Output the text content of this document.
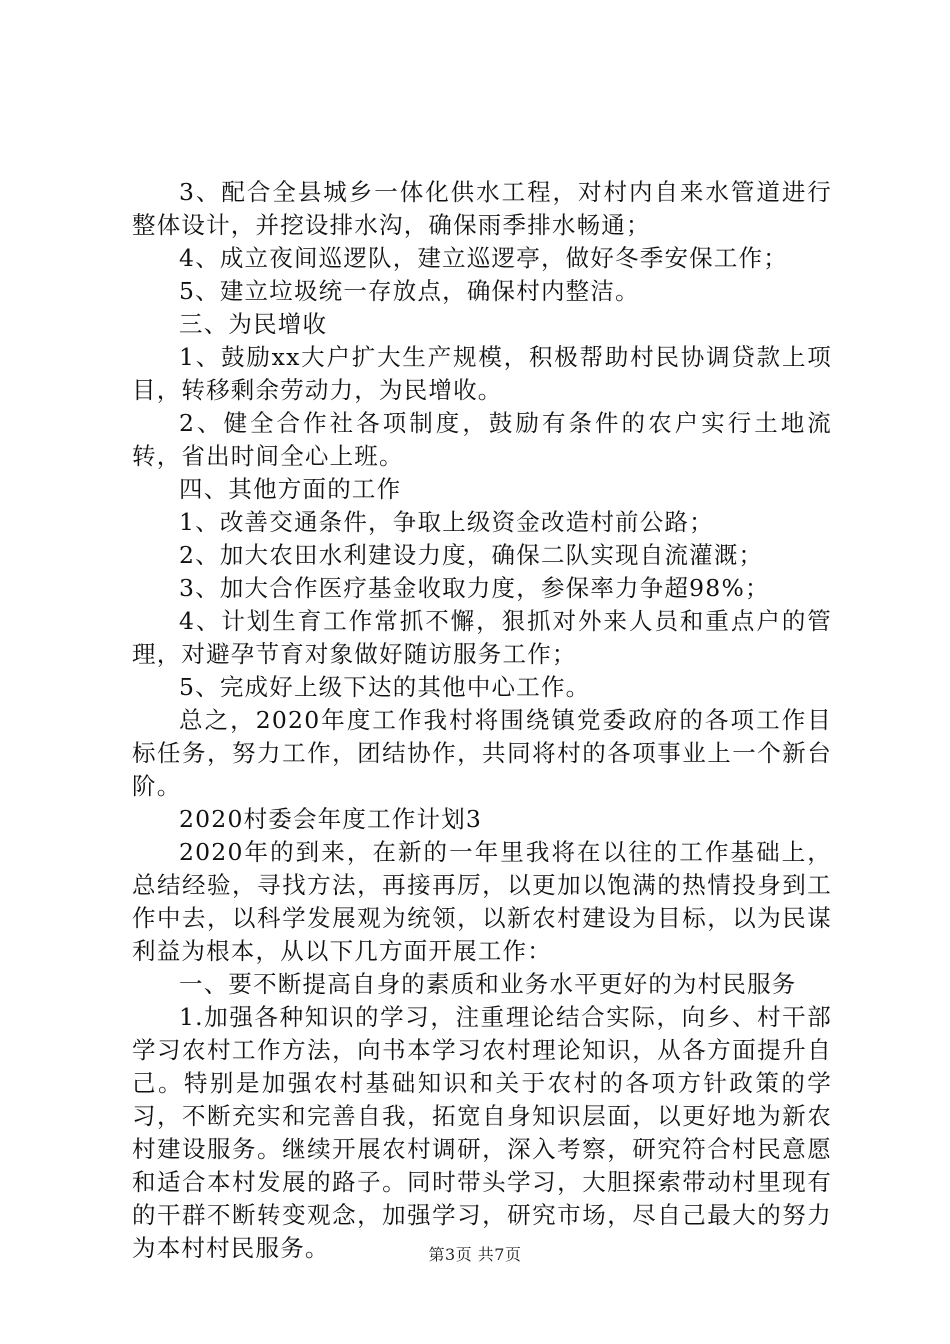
3、配合全县城乡一体化供水工程，对村内自来水管道进行整体设计，并挖设排水沟，确保雨季排水畅通；

4、成立夜间巡逻队，建立巡逻亭，做好冬季安保工作；

5、建立垃圾统一存放点，确保村内整洁。

三、为民增收

1、鼓励xx大户扩大生产规模，积极帮助村民协调贷款上项目，转移剩余劳动力，为民增收。

2、健全合作社各项制度，鼓励有条件的农户实行土地流转，省出时间全心上班。

四、其他方面的工作

1、改善交通条件，争取上级资金改造村前公路；

2、加大农田水利建设力度，确保二队实现自流灌溉；

3、加大合作医疗基金收取力度，参保率力争超98%；

4、计划生育工作常抓不懈，狠抓对外来人员和重点户的管理，对避孕节育对象做好随访服务工作；

5、完成好上级下达的其他中心工作。

总之，2020年度工作我村将围绕镇党委政府的各项工作目标任务，努力工作，团结协作，共同将村的各项事业上一个新台阶。

2020村委会年度工作计划3

2020年的到来，在新的一年里我将在以往的工作基础上，总结经验，寻找方法，再接再厉，以更加以饱满的热情投身到工作中去，以科学发展观为统领，以新农村建设为目标，以为民谋利益为根本，从以下几方面开展工作：

一、要不断提高自身的素质和业务水平更好的为村民服务

1.加强各种知识的学习，注重理论结合实际，向乡、村干部学习农村工作方法，向书本学习农村理论知识，从各方面提升自己。特别是加强农村基础知识和关于农村的各项方针政策的学习，不断充实和完善自我，拓宽自身知识层面，以更好地为新农村建设服务。继续开展农村调研，深入考察，研究符合村民意愿和适合本村发展的路子。同时带头学习，大胆探索带动村里现有的干群不断转变观念，加强学习，研究市场，尽自己最大的努力为本村村民服务。	第3页 共7页
